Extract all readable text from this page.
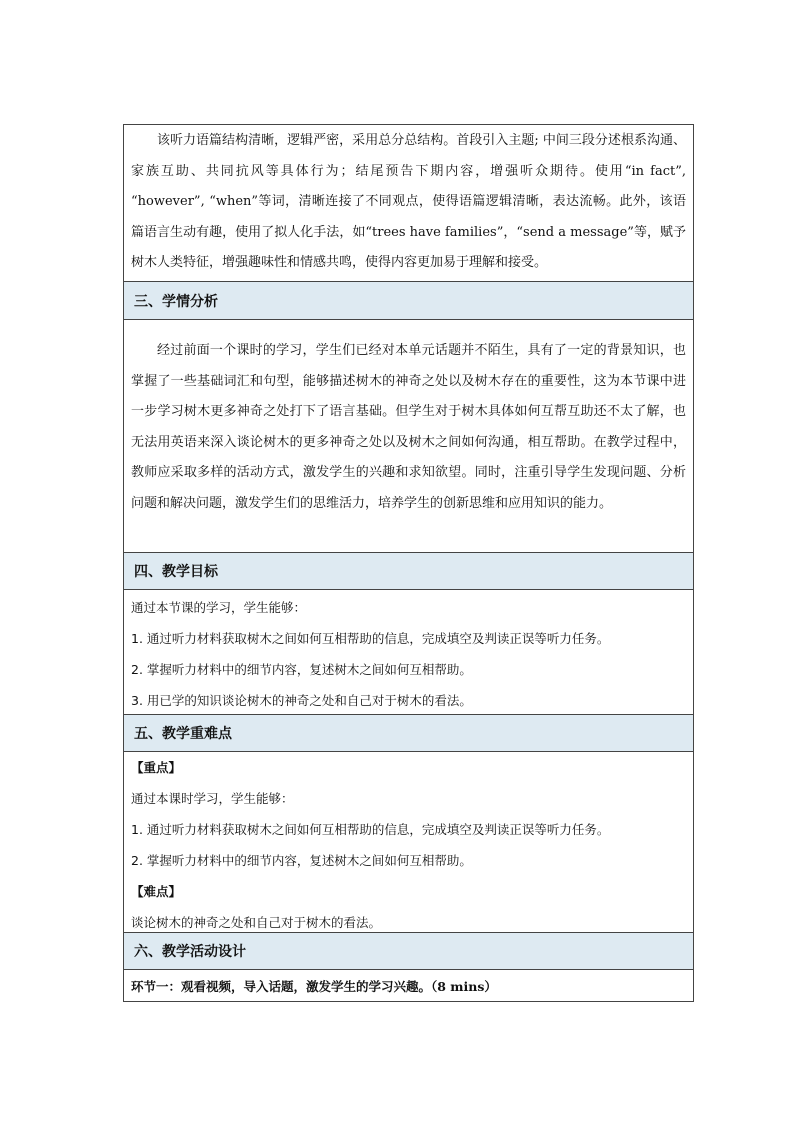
该听力语篇结构清晰，逻辑严密，采用总分总结构。首段引入主题; 中间三段分述根系沟通、家族互助、共同抗风等具体行为；结尾预告下期内容，增强听众期待。使用“in fact”, “however”, “when”等词，清晰连接了不同观点，使得语篇逻辑清晰，表达流畅。此外，该语篇语言生动有趣，使用了拟人化手法，如“trees have families”，“send a message”等，赋予树木人类特征，增强趣味性和情感共鸣，使得内容更加易于理解和接受。

三、学情分析

经过前面一个课时的学习，学生们已经对本单元话题并不陌生，具有了一定的背景知识，也掌握了一些基础词汇和句型，能够描述树木的神奇之处以及树木存在的重要性，这为本节课中进一步学习树木更多神奇之处打下了语言基础。但学生对于树木具体如何互帮互助还不太了解，也无法用英语来深入谈论树木的更多神奇之处以及树木之间如何沟通，相互帮助。在教学过程中，教师应采取多样的活动方式，激发学生的兴趣和求知欲望。同时，注重引导学生发现问题、分析问题和解决问题，激发学生们的思维活力，培养学生的创新思维和应用知识的能力。

四、教学目标

通过本节课的学习，学生能够：

1. 通过听力材料获取树木之间如何互相帮助的信息，完成填空及判读正误等听力任务。

2. 掌握听力材料中的细节内容，复述树木之间如何互相帮助。

3. 用已学的知识谈论树木的神奇之处和自己对于树木的看法。

五、教学重难点

【重点】

通过本课时学习，学生能够：

1. 通过听力材料获取树木之间如何互相帮助的信息，完成填空及判读正误等听力任务。

2. 掌握听力材料中的细节内容，复述树木之间如何互相帮助。

【难点】

谈论树木的神奇之处和自己对于树木的看法。

六、教学活动设计
环节一：观看视频，导入话题，激发学生的学习兴趣。（8 mins）
